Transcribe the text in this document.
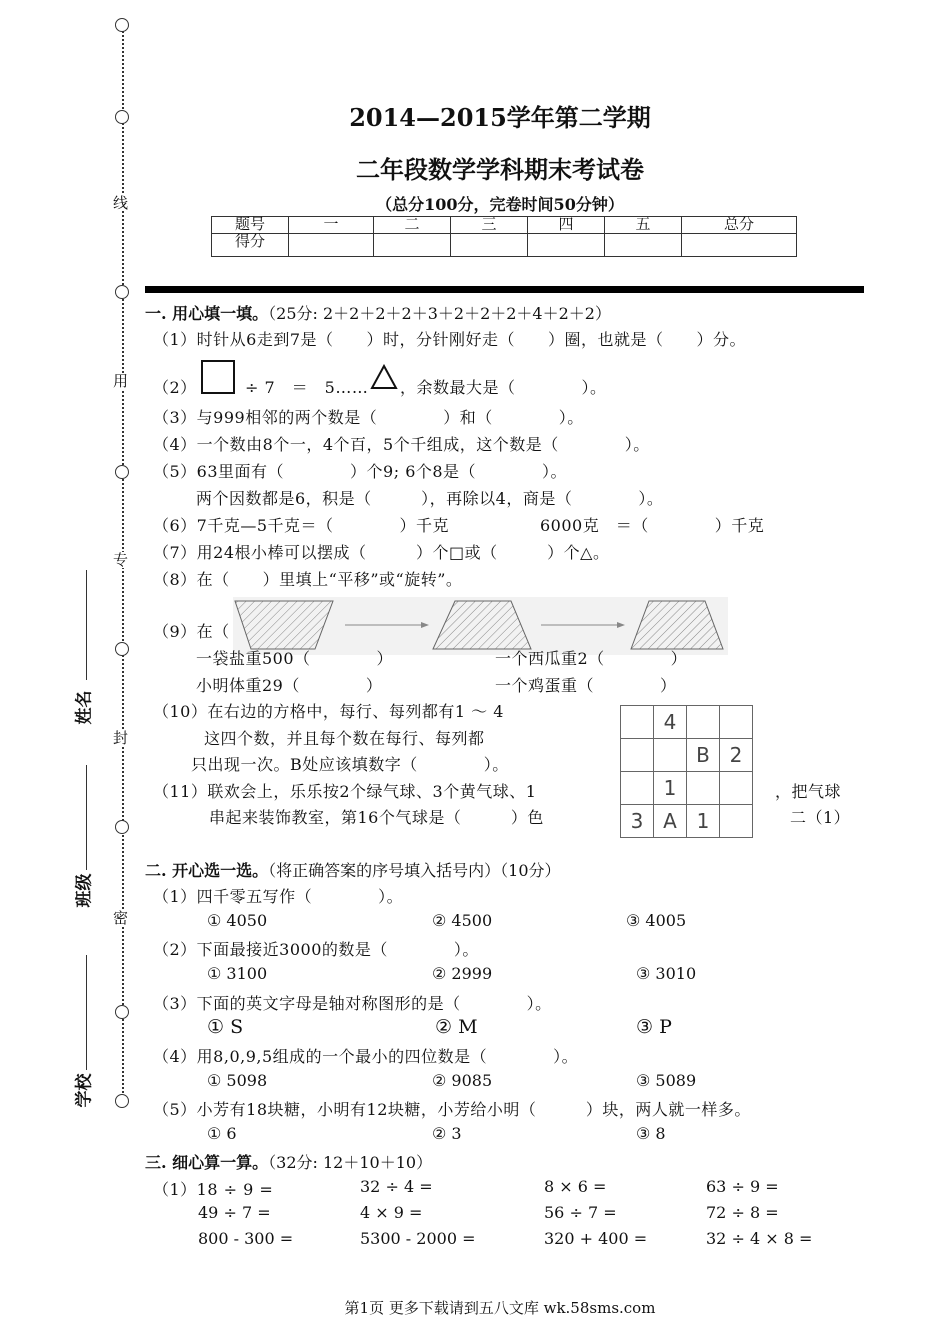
线
用
专
封
密
姓名
班级
学校
2014—2015学年第二学期
二年段数学学科期末考试卷
（总分100分，完卷时间50分钟）
题号	一	二	三	四	五	总分
得分						
一. 用心填一填。（25分: 2＋2＋2＋2＋3＋2＋2＋2＋4＋2＋2）
（1）时针从6走到7是（　　）时，分针刚好走（　　）圈，也就是（　　）分。
（2）	÷ 7　＝　5…… ，余数最大是（　　　　）。
（3）与999相邻的两个数是（　　　　）和（　　　　）。
（4）一个数由8个一，4个百，5个千组成，这个数是（　　　　）。
（5）63里面有（　　　　）个9; 6个8是（　　　　）。
两个因数都是6，积是（　　　），再除以4，商是（　　　　）。
（6）7千克—5千克＝（　　　　）千克	6000克　＝（　　　　）千克
（7）用24根小棒可以摆成（　　　）个□或（　　　）个△。
（8）在（　　）里填上“平移”或“旋转”。
（9）在（
一袋盐重500（　　　　）	一个西瓜重2（　　　　）
小明体重29（　　　　）	一个鸡蛋重（　　　　）
（10）在右边的方格中，每行、每列都有1 ～ 4
这四个数，并且每个数在每行、每列都
只出现一次。B处应该填数字（　　　　）。
	4		
		B	2
	1		
3	A	1	
（11）联欢会上，乐乐按2个绿气球、3个黄气球、1	，把气球
串起来装饰教室，第16个气球是（　　　）色	二（1）
二. 开心选一选。（将正确答案的序号填入括号内）（10分）
（1）四千零五写作（　　　　）。
① 4050	② 4500	③ 4005
（2）下面最接近3000的数是（　　　　）。
① 3100	② 2999	③ 3010
（3）下面的英文字母是轴对称图形的是（　　　　）。
① S	② M	③ P
（4）用8,0,9,5组成的一个最小的四位数是（　　　　）。
① 5098	② 9085	③ 5089
（5）小芳有18块糖，小明有12块糖，小芳给小明（　　　）块，两人就一样多。
① 6	② 3	③ 8
三. 细心算一算。（32分: 12＋10＋10）
（1）18 ÷ 9 =	32 ÷ 4 =	8 × 6 =	63 ÷ 9 =
49 ÷ 7 =	4 × 9 =	56 ÷ 7 =	72 ÷ 8 =
800 - 300 =	5300 - 2000 =	320 + 400 =	32 ÷ 4 × 8 =
第1页 更多下载请到五八文库 wk.58sms.com
